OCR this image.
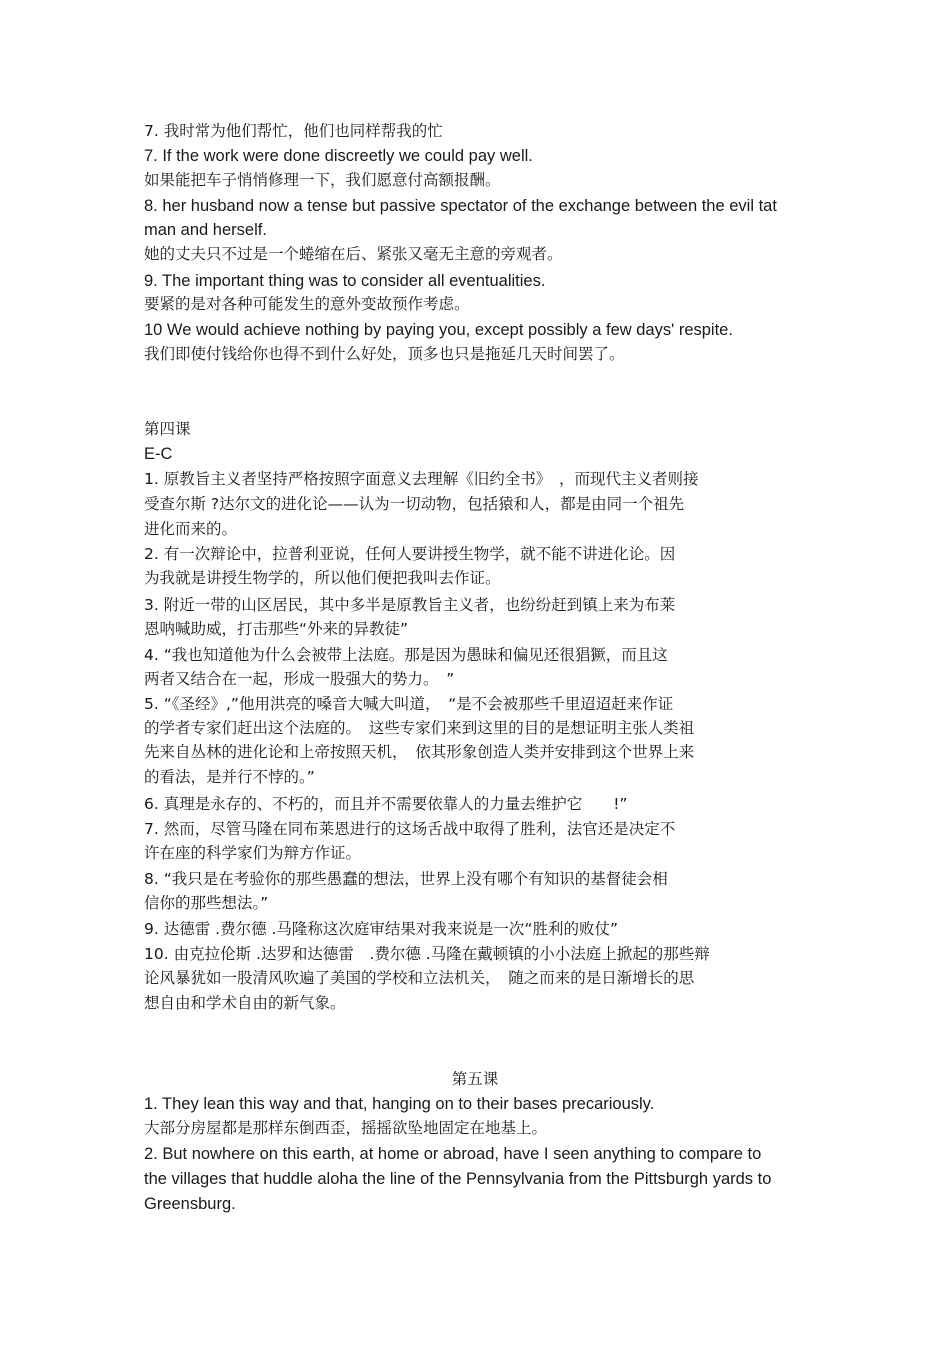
7. 我时常为他们帮忙，他们也同样帮我的忙
7. If the work were done discreetly we could pay well.
如果能把车子悄悄修理一下，我们愿意付高额报酬。
8. her husband now a tense but passive spectator of the exchange between the evil tat
man and herself.
她的丈夫只不过是一个蜷缩在后、紧张又毫无主意的旁观者。
9. The important thing was to consider all eventualities.
要紧的是对各种可能发生的意外变故预作考虑。
10 We would achieve nothing by paying you, except possibly a few days' respite.
我们即使付钱给你也得不到什么好处，顶多也只是拖延几天时间罢了。
第四课
E-C
1. 原教旨主义者坚持严格按照字面意义去理解《旧约全书》　，而现代主义者则接
受查尔斯 ?达尔文的进化论——认为一切动物，包括猿和人，都是由同一个祖先
进化而来的。
2. 有一次辩论中，拉普利亚说，任何人要讲授生物学，就不能不讲进化论。因
为我就是讲授生物学的，所以他们便把我叫去作证。
3. 附近一带的山区居民，其中多半是原教旨主义者，也纷纷赶到镇上来为布莱
恩呐喊助威，打击那些“外来的异教徒”
4. “我也知道他为什么会被带上法庭。那是因为愚昧和偏见还很猖獗，而且这
两者又结合在一起，形成一股强大的势力。　”
5. “《圣经》,”他用洪亮的嗓音大喊大叫道，　“是不会被那些千里迢迢赶来作证
的学者专家们赶出这个法庭的。　这些专家们来到这里的目的是想证明主张人类祖
先来自丛林的进化论和上帝按照天机，　依其形象创造人类并安排到这个世界上来
的看法，是并行不悖的。”
6. 真理是永存的、不朽的，而且并不需要依靠人的力量去维护它　　!”
7. 然而，尽管马隆在同布莱恩进行的这场舌战中取得了胜利，法官还是决定不
许在座的科学家们为辩方作证。
8. “我只是在考验你的那些愚蠢的想法，世界上没有哪个有知识的基督徒会相
信你的那些想法。”
9. 达德雷 .费尔德 .马隆称这次庭审结果对我来说是一次“胜利的败仗”
10. 由克拉伦斯 .达罗和达德雷　.费尔德 .马隆在戴顿镇的小小法庭上掀起的那些辩
论风暴犹如一股清风吹遍了美国的学校和立法机关，　随之而来的是日渐增长的思
想自由和学术自由的新气象。
第五课
1. They lean this way and that, hanging on to their bases precariously.
大部分房屋都是那样东倒西歪，摇摇欲坠地固定在地基上。
2. But nowhere on this earth, at home or abroad, have I seen anything to compare to
the villages that huddle aloha the line of the Pennsylvania from the Pittsburgh yards to
Greensburg.
